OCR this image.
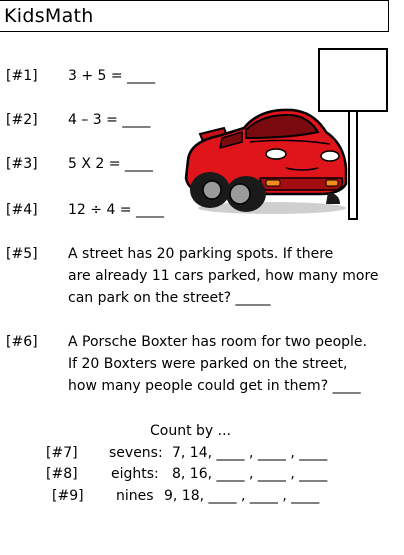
KidsMath
[#1] 3 + 5 = ____
[#2] 4 – 3 = ____
[#3] 5 X 2 = ____
[#4] 12 ÷ 4 = ____
[#5] A street has 20 parking spots. If there
are already 11 cars parked, how many more
can park on the street? _____
[#6] A Porsche Boxter has room for two people.
If 20 Boxters were parked on the street,
how many people could get in them? ____
Count by ...
[#7] sevens: 7, 14, ____ , ____ , ____
[#8] eights: 8, 16, ____ , ____ , ____
[#9] nines 9, 18, ____ , ____ , ____
